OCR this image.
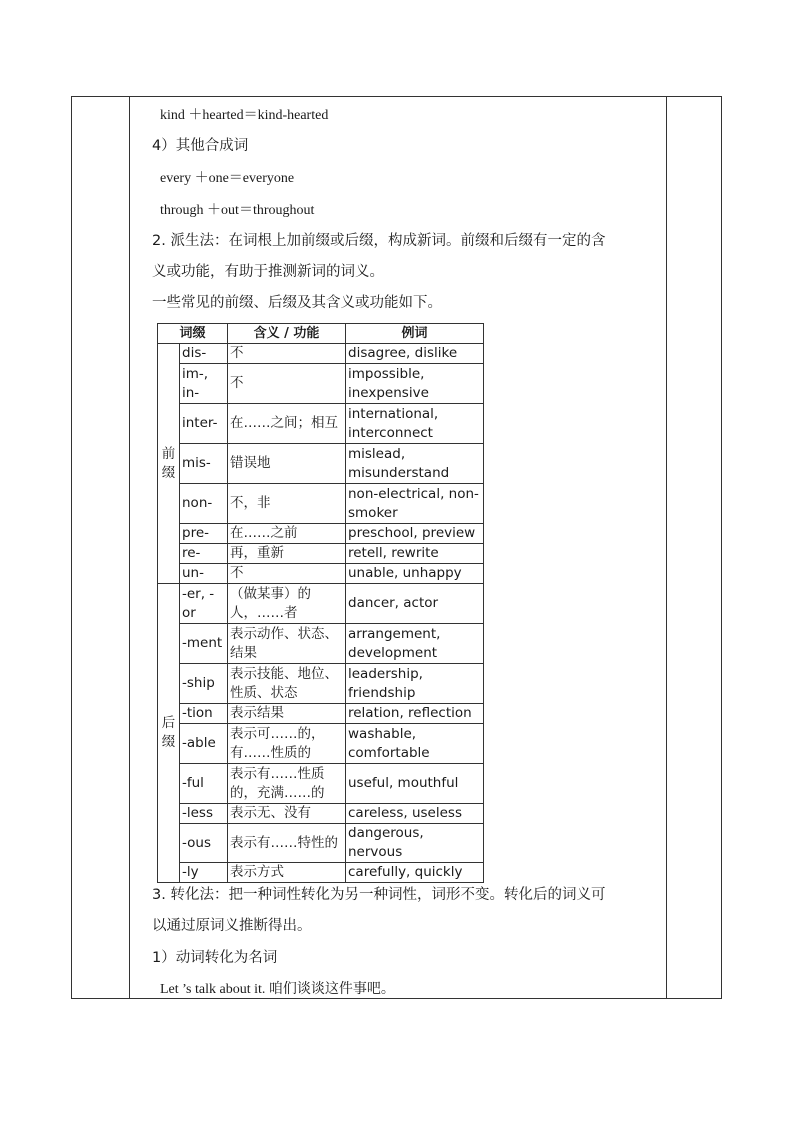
kind ＋hearted＝kind-hearted
4）其他合成词
every ＋one＝everyone
through ＋out＝throughout
2. 派生法：在词根上加前缀或后缀，构成新词。前缀和后缀有一定的含
义或功能，有助于推测新词的词义。
一些常见的前缀、后缀及其含义或功能如下。
词缀		含义 / 功能	例词

前
缀	dis-	不	disagree, dislike
	im-, in-	不	impossible, inexpensive
	inter-	在……之间；相互	international, interconnect
	mis-	错误地	mislead, misunderstand
	non-	不，非	non-electrical, non-smoker
	pre-	在……之前	preschool, preview
	re-	再，重新	retell, rewrite
	un-	不	unable, unhappy

后
缀	-er, -or	（做某事）的人，……者	dancer, actor
	-ment	表示动作、状态、结果	arrangement, development
	-ship	表示技能、地位、性质、状态	leadership, friendship
	-tion	表示结果	relation, reflection
	-able	表示可……的，有……性质的	washable, comfortable
	-ful	表示有……性质的，充满……的	useful, mouthful
	-less	表示无、没有	careless, useless
	-ous	表示有……特性的	dangerous, nervous
	-ly	表示方式	carefully, quickly
3. 转化法：把一种词性转化为另一种词性，词形不变。转化后的词义可
以通过原词义推断得出。
1）动词转化为名词
Let ’s talk about it. 咱们谈谈这件事吧。
